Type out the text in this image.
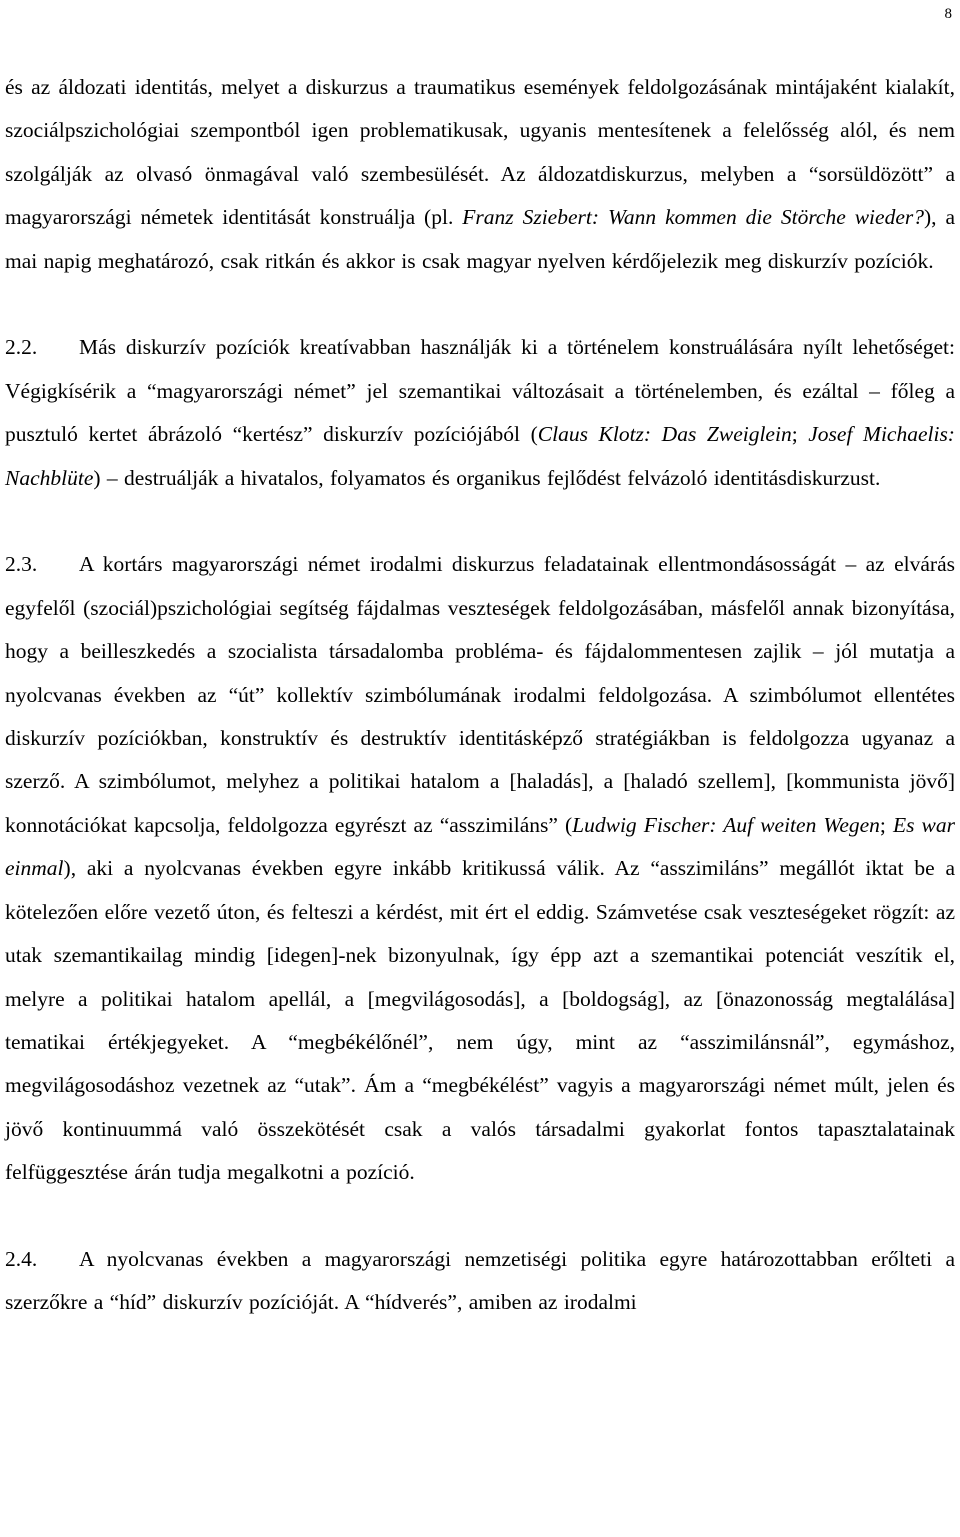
8

és az áldozati identitás, melyet a diskurzus a traumatikus események feldolgozásának mintájaként kialakít, szociálpszichológiai szempontból igen problematikusak, ugyanis mentesítenek a felelősség alól, és nem szolgálják az olvasó önmagával való szembesülését. Az áldozatdiskurzus, melyben a “sorsüldözött” a magyarországi németek identitását konstruálja (pl. Franz Sziebert: Wann kommen die Störche wieder?), a mai napig meghatározó, csak ritkán és akkor is csak magyar nyelven kérdőjelezik meg diskurzív pozíciók.

2.2. Más diskurzív pozíciók kreatívabban használják ki a történelem konstruálására nyílt lehetőséget: Végigkísérik a “magyarországi német” jel szemantikai változásait a történelemben, és ezáltal – főleg a pusztuló kertet ábrázoló “kertész” diskurzív pozíciójából (Claus Klotz: Das Zweiglein; Josef Michaelis: Nachblüte) – destruálják a hivatalos, folyamatos és organikus fejlődést felvázoló identitásdiskurzust.

2.3. A kortárs magyarországi német irodalmi diskurzus feladatainak ellentmondásosságát – az elvárás egyfelől (szociál)pszichológiai segítség fájdalmas veszteségek feldolgozásában, másfelől annak bizonyítása, hogy a beilleszkedés a szocialista társadalomba probléma- és fájdalommentesen zajlik – jól mutatja a nyolcvanas években az “út” kollektív szimbólumának irodalmi feldolgozása. A szimbólumot ellentétes diskurzív pozíciókban, konstruktív és destruktív identitásképző stratégiákban is feldolgozza ugyanaz a szerző. A szimbólumot, melyhez a politikai hatalom a [haladás], a [haladó szellem], [kommunista jövő] konnotációkat kapcsolja, feldolgozza egyrészt az “asszimiláns” (Ludwig Fischer: Auf weiten Wegen; Es war einmal), aki a nyolcvanas években egyre inkább kritikussá válik. Az “asszimiláns” megállót iktat be a kötelezően előre vezető úton, és felteszi a kérdést, mit ért el eddig. Számvetése csak veszteségeket rögzít: az utak szemantikailag mindig [idegen]-nek bizonyulnak, így épp azt a szemantikai potenciát veszítik el, melyre a politikai hatalom apellál, a [megvilágosodás], a [boldogság], az [önazonosság megtalálása] tematikai értékjegyeket. A “megbékélőnél”, nem úgy, mint az “asszimilánsnál”, egymáshoz, megvilágosodáshoz vezetnek az “utak”. Ám a “megbékélést” vagyis a magyarországi német múlt, jelen és jövő kontinuummá való összekötését csak a valós társadalmi gyakorlat fontos tapasztalatainak felfüggesztése árán tudja megalkotni a pozíció.

2.4. A nyolcvanas években a magyarországi nemzetiségi politika egyre határozottabban erőlteti a szerzőkre a “híd” diskurzív pozícióját. A “hídverés”, amiben az irodalmi
